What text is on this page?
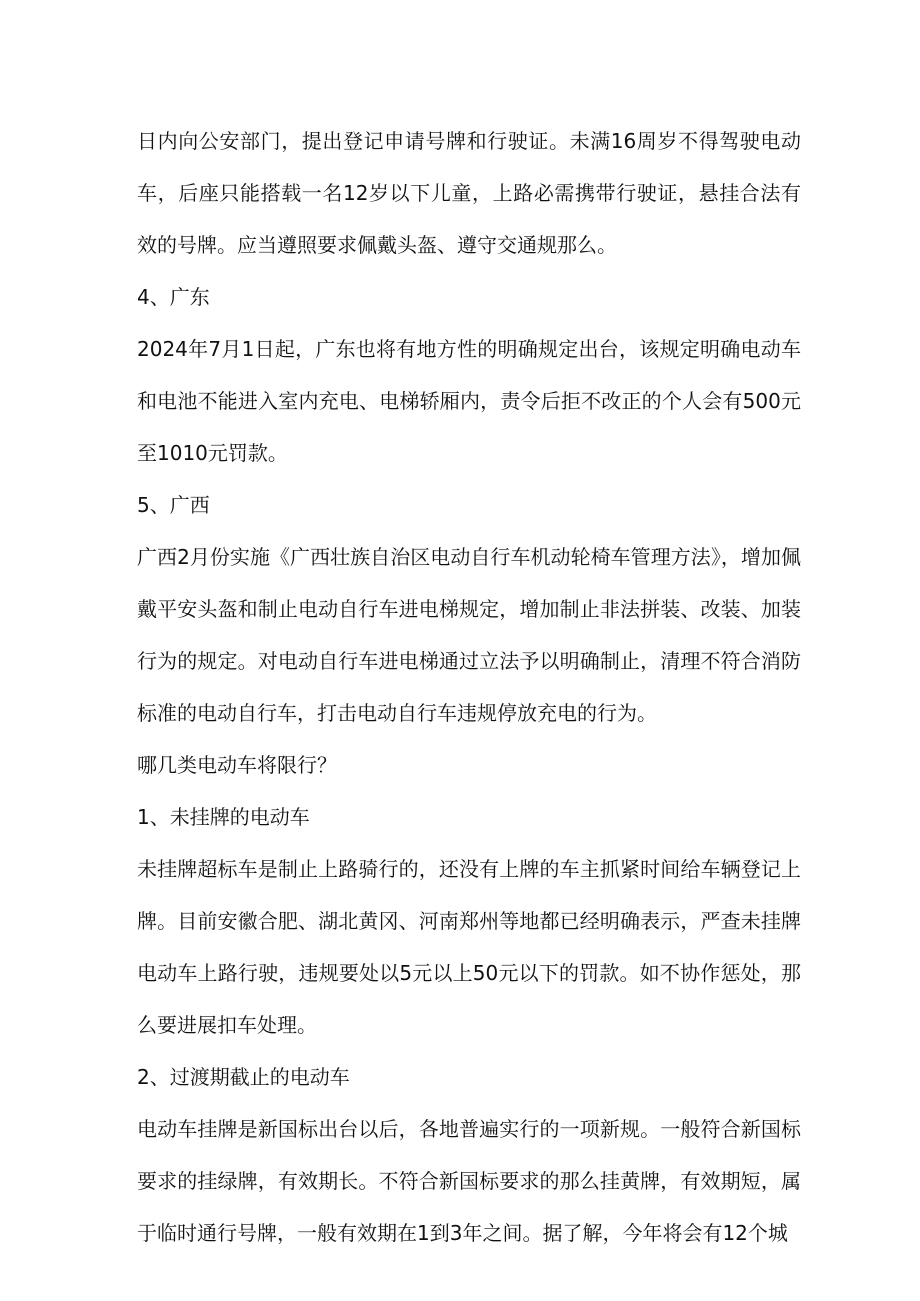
日内向公安部门，提出登记申请号牌和行驶证。未满16周岁不得驾驶电动车，后座只能搭载一名12岁以下儿童，上路必需携带行驶证，悬挂合法有效的号牌。应当遵照要求佩戴头盔、遵守交通规那么。

4、广东

2024年7月1日起，广东也将有地方性的明确规定出台，该规定明确电动车和电池不能进入室内充电、电梯轿厢内，责令后拒不改正的个人会有500元至1010元罚款。

5、广西

广西2月份实施《广西壮族自治区电动自行车机动轮椅车管理方法》，增加佩戴平安头盔和制止电动自行车进电梯规定，增加制止非法拼装、改装、加装行为的规定。对电动自行车进电梯通过立法予以明确制止，清理不符合消防标准的电动自行车，打击电动自行车违规停放充电的行为。

哪几类电动车将限行？

1、未挂牌的电动车

未挂牌超标车是制止上路骑行的，还没有上牌的车主抓紧时间给车辆登记上牌。目前安徽合肥、湖北黄冈、河南郑州等地都已经明确表示，严查未挂牌电动车上路行驶，违规要处以5元以上50元以下的罚款。如不协作惩处，那么要进展扣车处理。

2、过渡期截止的电动车

电动车挂牌是新国标出台以后，各地普遍实行的一项新规。一般符合新国标要求的挂绿牌，有效期长。不符合新国标要求的那么挂黄牌，有效期短，属于临时通行号牌，一般有效期在1到3年之间。据了解，今年将会有12个城
